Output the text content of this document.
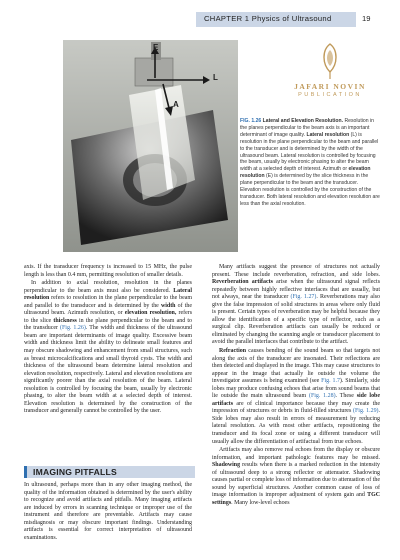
CHAPTER 1 Physics of Ultrasound	19
E
L
A
JAFARI NOVIN
PUBLICATION
FIG. 1.26 Lateral and Elevation Resolution. Resolution in the planes perpendicular to the beam axis is an important determinant of image quality. Lateral resolution (L) is resolution in the plane perpendicular to the beam and parallel to the transducer and is determined by the width of the ultrasound beam. Lateral resolution is controlled by focusing the beam, usually by electronic phasing to alter the beam width at a selected depth of interest. Azimuth or elevation resolution (E) is determined by the slice thickness in the plane perpendicular to the beam and the transducer. Elevation resolution is controlled by the construction of the transducer. Both lateral resolution and elevation resolution are less than the axial resolution.

axis. If the transducer frequency is increased to 15 MHz, the pulse length is less than 0.4 mm, permitting resolution of smaller details.

In addition to axial resolution, resolution in the planes perpendicular to the beam axis must also be considered. Lateral resolution refers to resolution in the plane perpendicular to the beam and parallel to the transducer and is determined by the width of the ultrasound beam. Azimuth resolution, or elevation resolution, refers to the slice thickness in the plane perpendicular to the beam and to the transducer (Fig. 1.26). The width and thickness of the ultrasound beam are important determinants of image quality. Excessive beam width and thickness limit the ability to delineate small features and may obscure shadowing and enhancement from small structures, such as breast microcalcifications and small thyroid cysts. The width and thickness of the ultrasound beam determine lateral resolution and elevation resolution, respectively. Lateral and elevation resolutions are significantly poorer than the axial resolution of the beam. Lateral resolution is controlled by focusing the beam, usually by electronic phasing, to alter the beam width at a selected depth of interest. Elevation resolution is determined by the construction of the transducer and generally cannot be controlled by the user.

IMAGING PITFALLS

In ultrasound, perhaps more than in any other imaging method, the quality of the information obtained is determined by the user's ability to recognize and avoid artifacts and pitfalls. Many imaging artifacts are induced by errors in scanning technique or improper use of the instrument and therefore are preventable. Artifacts may cause misdiagnosis or may obscure important findings. Understanding artifacts is essential for correct interpretation of ultrasound examinations.

Many artifacts suggest the presence of structures not actually present. These include reverberation, refraction, and side lobes. Reverberation artifacts arise when the ultrasound signal reflects repeatedly between highly reflective interfaces that are usually, but not always, near the transducer (Fig. 1.27). Reverberations may also give the false impression of solid structures in areas where only fluid is present. Certain types of reverberation may be helpful because they allow the identification of a specific type of reflector, such as a surgical clip. Reverberation artifacts can usually be reduced or eliminated by changing the scanning angle or transducer placement to avoid the parallel interfaces that contribute to the artifact.

Refraction causes bending of the sound beam so that targets not along the axis of the transducer are insonated. Their reflections are then detected and displayed in the image. This may cause structures to appear in the image that actually lie outside the volume the investigator assumes is being examined (see Fig. 1.7). Similarly, side lobes may produce confusing echoes that arise from sound beams that lie outside the main ultrasound beam (Fig. 1.28). These side lobe artifacts are of clinical importance because they may create the impression of structures or debris in fluid-filled structures (Fig. 1.29). Side lobes may also result in errors of measurement by reducing lateral resolution. As with most other artifacts, repositioning the transducer and its focal zone or using a different transducer will usually allow the differentiation of artifactual from true echoes.

Artifacts may also remove real echoes from the display or obscure information, and important pathologic features may be missed. Shadowing results when there is a marked reduction in the intensity of ultrasound deep to a strong reflector or attenuator. Shadowing causes partial or complete loss of information due to attenuation of the sound by superficial structures. Another common cause of loss of image information is improper adjustment of system gain and TGC settings. Many low-level echoes
